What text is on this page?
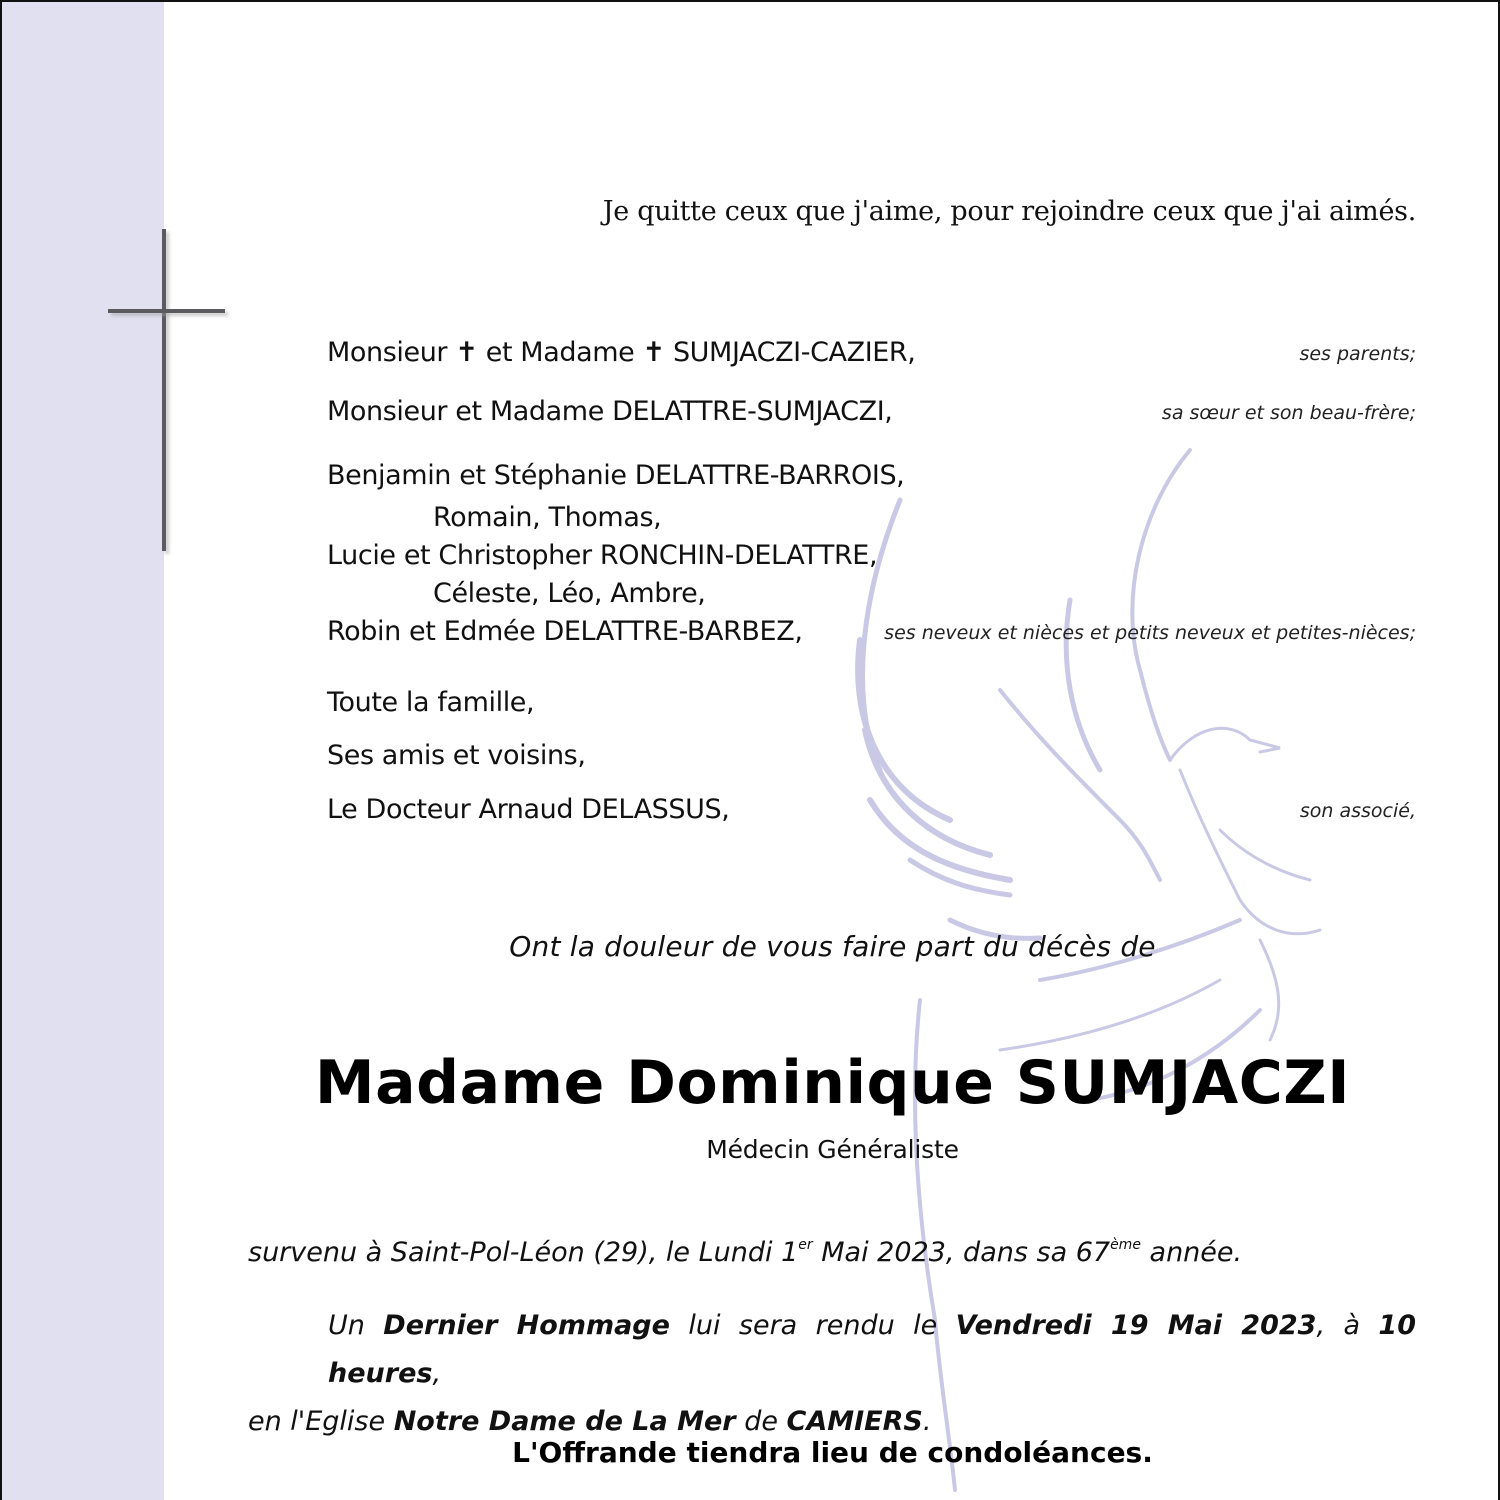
Je quitte ceux que j'aime, pour rejoindre ceux que j'ai aimés.
Monsieur ✝ et Madame ✝ SUMJACZI-CAZIER,	ses parents;
Monsieur et Madame DELATTRE-SUMJACZI,	sa sœur et son beau-frère;
Benjamin et Stéphanie DELATTRE-BARROIS,
Romain, Thomas,
Lucie et Christopher RONCHIN-DELATTRE,
Céleste, Léo, Ambre,
Robin et Edmée DELATTRE-BARBEZ,	ses neveux et nièces et petits neveux et petites-nièces;
Toute la famille,
Ses amis et voisins,
Le Docteur Arnaud DELASSUS,	son associé,
Ont la douleur de vous faire part du décès de
Madame Dominique SUMJACZI
Médecin Généraliste
survenu à Saint-Pol-Léon (29), le Lundi 1er Mai 2023, dans sa 67ème année.
Un Dernier Hommage lui sera rendu le Vendredi 19 Mai 2023, à 10 heures,
en l'Eglise Notre Dame de La Mer de CAMIERS.
L'Offrande tiendra lieu de condoléances.
